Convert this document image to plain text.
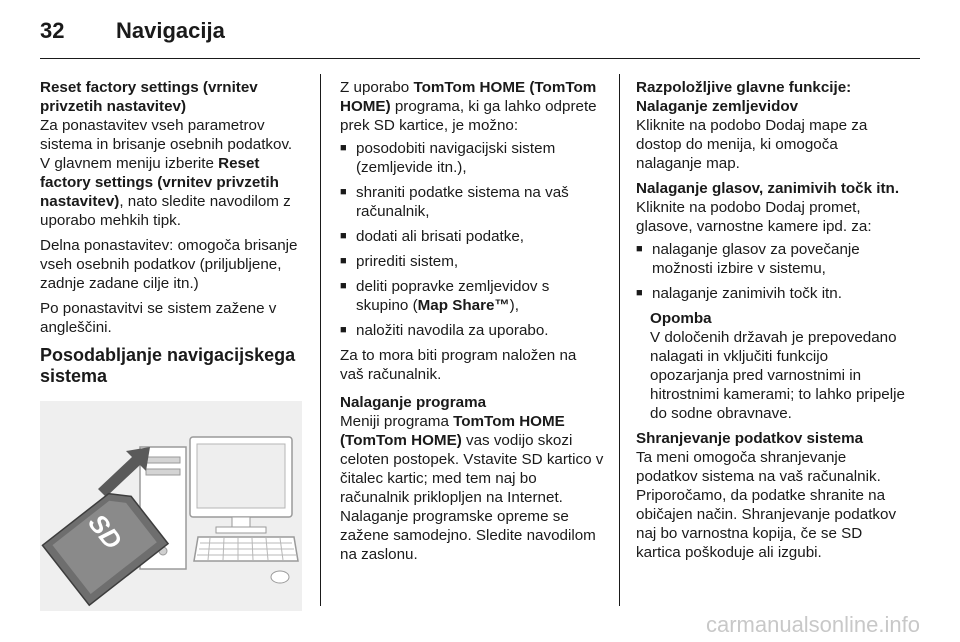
32	Navigacija

Reset factory settings (vrnitev privzetih nastavitev)

Za ponastavitev vseh parametrov sistema in brisanje osebnih podatkov. V glavnem meniju izberite Reset factory settings (vrnitev privzetih nastavitev), nato sledite navodilom z uporabo mehkih tipk.

Delna ponastavitev: omogoča brisanje vseh osebnih podatkov (priljubljene, zadnje zadane cilje itn.)

Po ponastavitvi se sistem zažene v angleščini.

Posodabljanje navigacijskega sistema

SD

Z uporabo TomTom HOME (TomTom HOME) programa, ki ga lahko odprete prek SD kartice, je možno:

■ posodobiti navigacijski sistem (zemljevide itn.),
■ shraniti podatke sistema na vaš računalnik,
■ dodati ali brisati podatke,
■ prirediti sistem,
■ deliti popravke zemljevidov s skupino (Map Share™),
■ naložiti navodila za uporabo.

Za to mora biti program naložen na vaš računalnik.

Nalaganje programa

Meniji programa TomTom HOME (TomTom HOME) vas vodijo skozi celoten postopek. Vstavite SD kartico v čitalec kartic; med tem naj bo računalnik priklopljen na Internet. Nalaganje programske opreme se zažene samodejno. Sledite navodilom na zaslonu.

Razpoložljive glavne funkcije:

Nalaganje zemljevidov

Kliknite na podobo Dodaj mape za dostop do menija, ki omogoča nalaganje map.

Nalaganje glasov, zanimivih točk itn.

Kliknite na podobo Dodaj promet, glasove, varnostne kamere ipd. za:

■ nalaganje glasov za povečanje možnosti izbire v sistemu,
■ nalaganje zanimivih točk itn.

Opomba

V določenih državah je prepovedano nalagati in vključiti funkcijo opozarjanja pred varnostnimi in hitrostnimi kamerami; to lahko pripelje do sodne obravnave.

Shranjevanje podatkov sistema

Ta meni omogoča shranjevanje podatkov sistema na vaš računalnik. Priporočamo, da podatke shranite na običajen način. Shranjevanje podatkov naj bo varnostna kopija, če se SD kartica poškoduje ali izgubi.

carmanualsonline.info
